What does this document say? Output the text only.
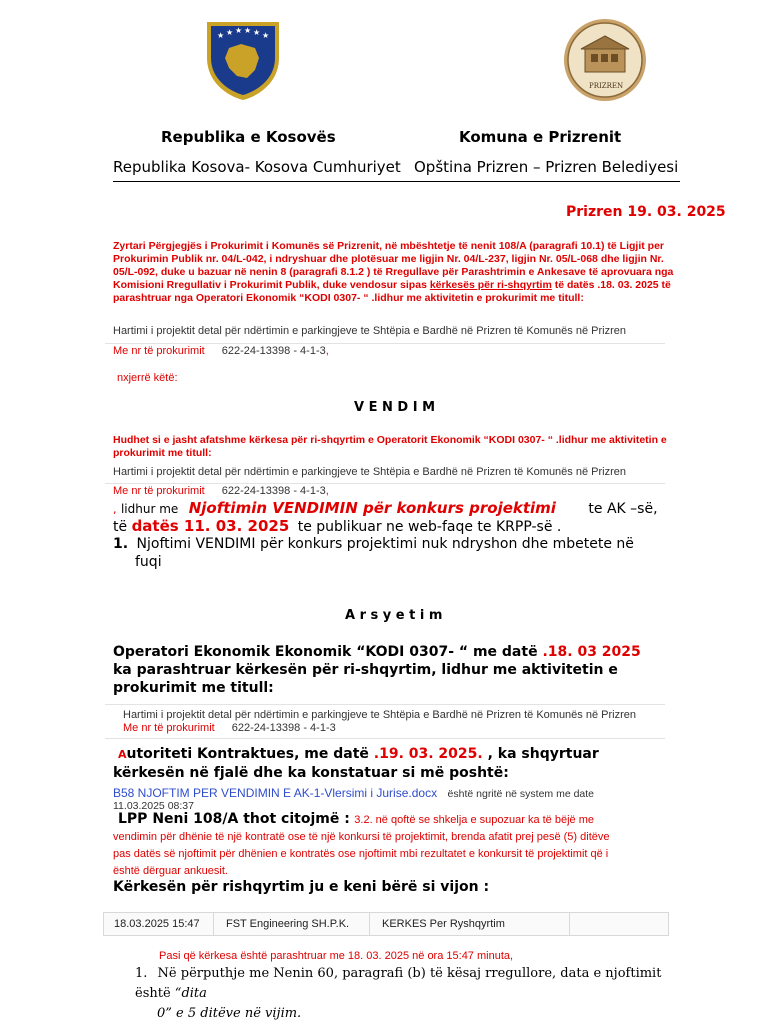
★ ★ ★ ★ ★ ★
PRIZREN
Republika e Kosovës
Republika Kosova- Kosova Cumhuriyet
Komuna e Prizrenit
Opština Prizren – Prizren Belediyesi
Prizren 19. 03. 2025
Zyrtari Përgjegjës i Prokurimit i Komunës së Prizrenit, në mbështetje të nenit 108/A (paragrafi 10.1) të Ligjit per Prokurimin Publik nr. 04/L-042, i ndryshuar dhe plotësuar me ligjin Nr. 04/L-237, ligjin Nr. 05/L-068 dhe ligjin Nr. 05/L-092, duke u bazuar në nenin 8 (paragrafi 8.1.2 ) të Rregullave për Parashtrimin e Ankesave të aprovuara nga Komisioni Rregullativ i Prokurimit Publik, duke vendosur sipas kërkesës për ri-shqyrtim të datës .18. 03. 2025 të parashtruar nga Operatori Ekonomik “KODI 0307- “ .lidhur me aktivitetin e prokurimit me titull:
Hartimi i projektit detal për ndërtimin e parkingjeve te Shtëpia e Bardhë në Prizren të Komunës në Prizren
Me nr të prokurimit 622-24-13398 - 4-1-3,
nxjerrë këtë:
V E N D I M
Hudhet si e jasht afatshme kërkesa për ri-shqyrtim e Operatorit Ekonomik “KODI 0307- “ .lidhur me aktivitetin e prokurimit me titull:
Hartimi i projektit detal për ndërtimin e parkingjeve te Shtëpia e Bardhë në Prizren të Komunës në Prizren
Me nr të prokurimit 622-24-13398 - 4-1-3,
, lidhur me Njoftimin VENDIMIN për konkurs projektimi te AK –së,
të datës 11. 03. 2025 te publikuar ne web-faqe te KRPP-së .
1. Njoftimi VENDIMI për konkurs projektimi nuk ndryshon dhe mbetete në
fuqi
A r s y e t i m
Operatori Ekonomik Ekonomik “KODI 0307- “ me datë .18. 03 2025
ka parashtruar kërkesën për ri-shqyrtim, lidhur me aktivitetin e
prokurimit me titull:
Hartimi i projektit detal për ndërtimin e parkingjeve te Shtëpia e Bardhë në Prizren të Komunës në Prizren
Me nr të prokurimit 622-24-13398 - 4-1-3
Autoriteti Kontraktues, me datë .19. 03. 2025. , ka shqyrtuar
kërkesën në fjalë dhe ka konstatuar si më poshtë:
B58 NJOFTIM PER VENDIMIN E AK-1-Vlersimi i Jurise.docx është ngritë në system me date
11.03.2025 08:37
LPP Neni 108/A thot citojmë : 3.2. në qoftë se shkelja e supozuar ka të bëjë me
vendimin për dhënie të një kontratë ose të një konkursi të projektimit, brenda afatit prej pesë (5) ditëve
pas datës së njoftimit për dhënien e kontratës ose njoftimit mbi rezultatet e konkursit të projektimit që i
është dërguar ankuesit.
Kërkesën për rishqyrtim ju e keni bërë si vijon :
18.03.2025 15:47	FST Engineering SH.P.K.	KERKES Per Ryshqyrtim
Pasi që kërkesa është parashtruar me 18. 03. 2025 në ora 15:47 minuta,
1. Në përputhje me Nenin 60, paragrafi (b) të kësaj rregullore, data e njoftimit është “dita
0” e 5 ditëve në vijim.
